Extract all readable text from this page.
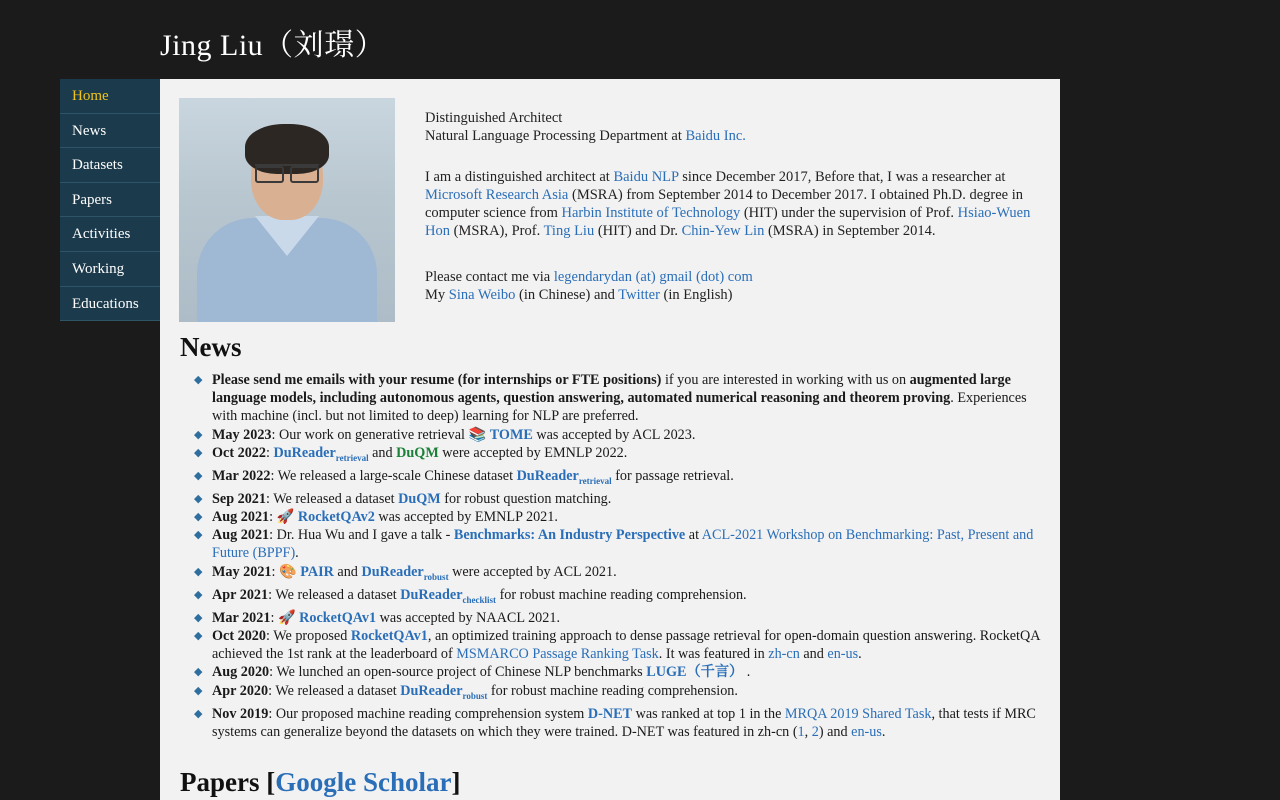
Jing Liu（刘璟）
Home
News
Datasets
Papers
Activities
Working
Educations

Distinguished Architect

Natural Language Processing Department at Baidu Inc.

I am a distinguished architect at Baidu NLP since December 2017, Before that, I was a researcher at Microsoft Research Asia (MSRA) from September 2014 to December 2017. I obtained Ph.D. degree in computer science from Harbin Institute of Technology (HIT) under the supervision of Prof. Hsiao-Wuen Hon (MSRA), Prof. Ting Liu (HIT) and Dr. Chin-Yew Lin (MSRA) in September 2014.

Please contact me via legendarydan (at) gmail (dot) com

My Sina Weibo (in Chinese) and Twitter (in English)

News
◆ Please send me emails with your resume (for internships or FTE positions) if you are interested in working with us on augmented large language models, including autonomous agents, question answering, automated numerical reasoning and theorem proving. Experiences with machine (incl. but not limited to deep) learning for NLP are preferred.
◆ May 2023: Our work on generative retrieval 📚 TOME was accepted by ACL 2023.
◆ Oct 2022: DuReader$_{retrieval}$ and DuQM were accepted by EMNLP 2022.
◆ Mar 2022: We released a large-scale Chinese dataset DuReader$_{retrieval}$ for passage retrieval.
◆ Sep 2021: We released a dataset DuQM for robust question matching.
◆ Aug 2021: 🚀 RocketQAv2 was accepted by EMNLP 2021.
◆ Aug 2021: Dr. Hua Wu and I gave a talk - Benchmarks: An Industry Perspective at ACL-2021 Workshop on Benchmarking: Past, Present and Future (BPPF).
◆ May 2021: 🎨 PAIR and DuReader$_{robust}$ were accepted by ACL 2021.
◆ Apr 2021: We released a dataset DuReader$_{checklist}$ for robust machine reading comprehension.
◆ Mar 2021: 🚀 RocketQAv1 was accepted by NAACL 2021.
◆ Oct 2020: We proposed RocketQAv1, an optimized training approach to dense passage retrieval for open-domain question answering. RocketQA achieved the 1st rank at the leaderboard of MSMARCO Passage Ranking Task. It was featured in zh-cn and en-us.
◆ Aug 2020: We lunched an open-source project of Chinese NLP benchmarks LUGE（千言） .
◆ Apr 2020: We released a dataset DuReader$_{robust}$ for robust machine reading comprehension.
◆ Nov 2019: Our proposed machine reading comprehension system D-NET was ranked at top 1 in the MRQA 2019 Shared Task, that tests if MRC systems can generalize beyond the datasets on which they were trained. D-NET was featured in zh-cn (1, 2) and en-us.
Papers [Google Scholar]
